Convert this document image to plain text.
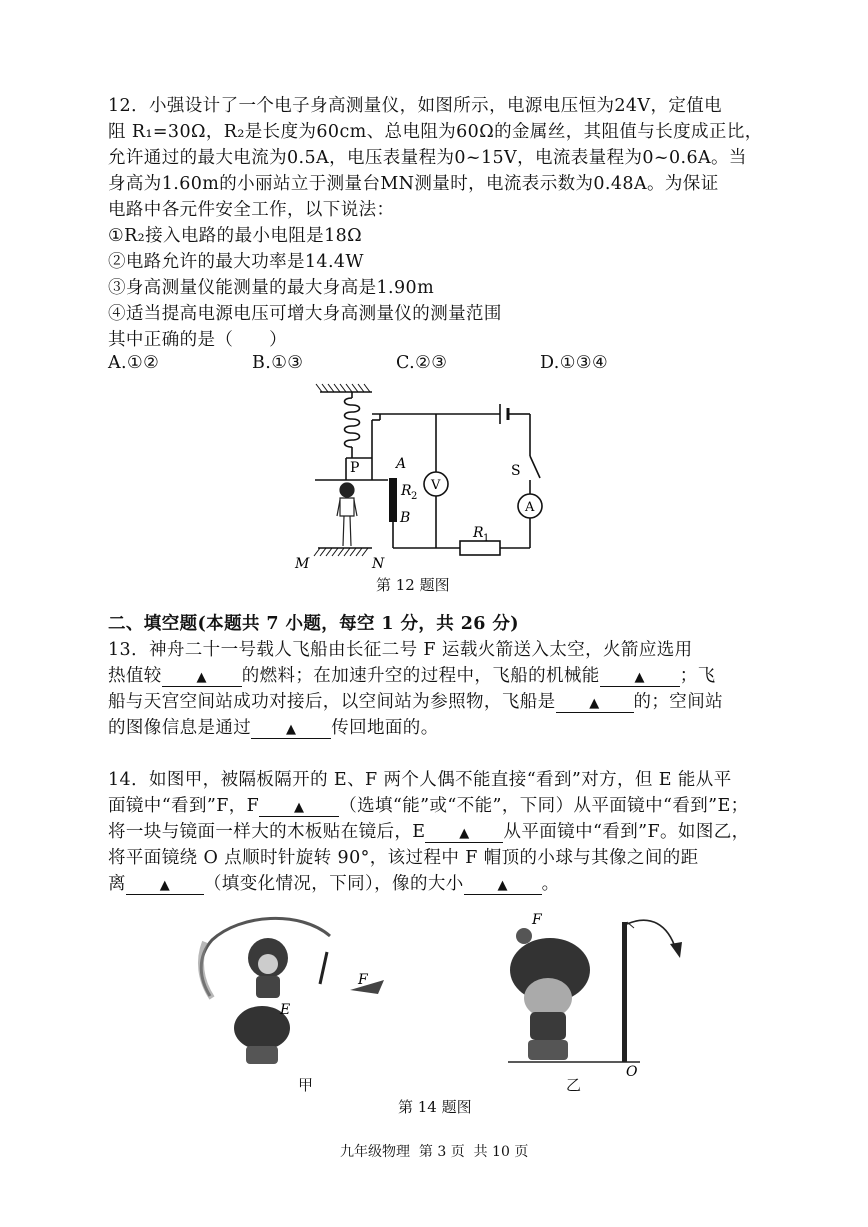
12．小强设计了一个电子身高测量仪，如图所示，电源电压恒为24V，定值电
阻 R₁=30Ω，R₂是长度为60cm、总电阻为60Ω的金属丝，其阻值与长度成正比，
允许通过的最大电流为0.5A，电压表量程为0~15V，电流表量程为0~0.6A。当
身高为1.60m的小丽站立于测量台MN测量时，电流表示数为0.48A。为保证
电路中各元件安全工作，以下说法：
①R₂接入电路的最小电阻是18Ω
②电路允许的最大功率是14.4W
③身高测量仪能测量的最大身高是1.90m
④适当提高电源电压可增大身高测量仪的测量范围
其中正确的是（　　）
A.①②	B.①③	C.②③	D.①③④
P	A
R 2
B
V
A
S
R 1
M	N
第 12 题图
二、填空题(本题共 7 小题，每空 1 分，共 26 分)
13．神舟二十一号载人飞船由长征二号 F 运载火箭送入太空，火箭应选用
热值较 ▲	的燃料；在加速升空的过程中，飞船的机械能 ▲	；飞
船与天宫空间站成功对接后，以空间站为参照物，飞船是 ▲	的；空间站
的图像信息是通过 ▲	传回地面的。
14．如图甲，被隔板隔开的 E、F 两个人偶不能直接“看到”对方，但 E 能从平
面镜中“看到”F，F ▲	（选填“能”或“不能”，下同）从平面镜中“看到”E；
将一块与镜面一样大的木板贴在镜后，E ▲	从平面镜中“看到”F。如图乙，
将平面镜绕 O 点顺时针旋转 90°，该过程中 F 帽顶的小球与其像之间的距
离 ▲	（填变化情况，下同），像的大小 ▲	。
F
E
F
O
甲	乙
第 14 题图
九年级物理  第 3 页  共 10 页
